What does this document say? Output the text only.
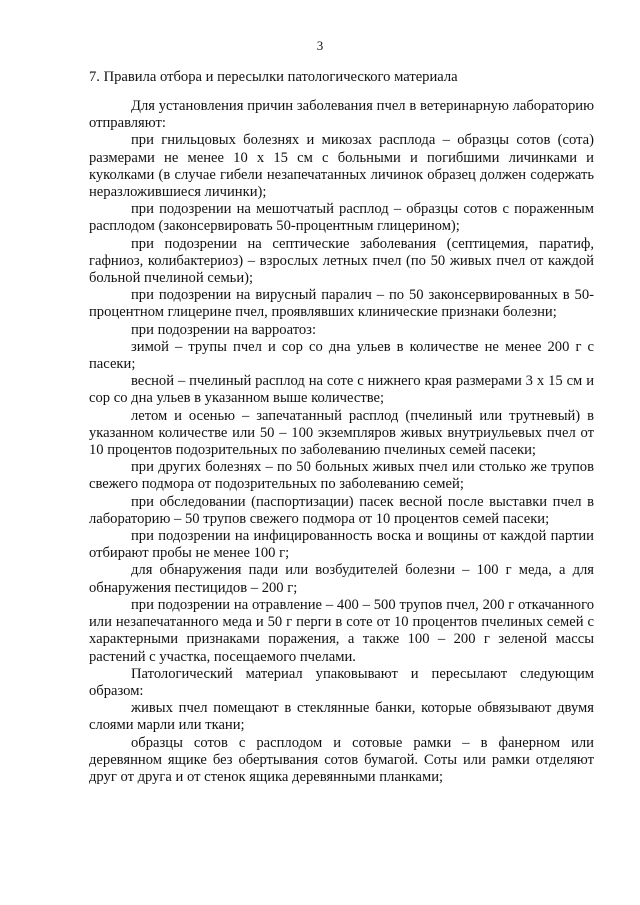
3
7. Правила отбора и пересылки патологического материала

Для установления причин заболевания пчел в ветеринарную лабораторию отправляют:

при гнильцовых болезнях и микозах расплода – образцы сотов (сота) размерами не менее 10 x 15 см с больными и погибшими личинками и куколками (в случае гибели незапечатанных личинок образец должен содержать неразложившиеся личинки);

при подозрении на мешотчатый расплод – образцы сотов с пораженным расплодом (законсервировать 50-процентным глицерином);

при подозрении на септические заболевания (септицемия, паратиф, гафниоз, колибактериоз) – взрослых летных пчел (по 50 живых пчел от каждой больной пчелиной семьи);

при подозрении на вирусный паралич – по 50 законсервированных в 50-процентном глицерине пчел, проявлявших клинические признаки болезни;

при подозрении на варроатоз:

зимой – трупы пчел и сор со дна ульев в количестве не менее 200 г с пасеки;

весной – пчелиный расплод на соте с нижнего края размерами 3 x 15 см и сор со дна ульев в указанном выше количестве;

летом и осенью – запечатанный расплод (пчелиный или трутневый) в указанном количестве или 50 – 100 экземпляров живых внутриульевых пчел от 10 процентов подозрительных по заболеванию пчелиных семей пасеки;

при других болезнях – по 50 больных живых пчел или столько же трупов свежего подмора от подозрительных по заболеванию семей;

при обследовании (паспортизации) пасек весной после выставки пчел в лабораторию – 50 трупов свежего подмора от 10 процентов семей пасеки;

при подозрении на инфицированность воска и вощины от каждой партии отбирают пробы не менее 100 г;

для обнаружения пади или возбудителей болезни – 100 г меда, а для обнаружения пестицидов – 200 г;

при подозрении на отравление – 400 – 500 трупов пчел, 200 г откачанного или незапечатанного меда и 50 г перги в соте от 10 процентов пчелиных семей с характерными признаками поражения, а также 100 – 200 г зеленой массы растений с участка, посещаемого пчелами.

Патологический материал упаковывают и пересылают следующим образом:

живых пчел помещают в стеклянные банки, которые обвязывают двумя слоями марли или ткани;

образцы сотов с расплодом и сотовые рамки – в фанерном или деревянном ящике без обертывания сотов бумагой. Соты или рамки отделяют друг от друга и от стенок ящика деревянными планками;
